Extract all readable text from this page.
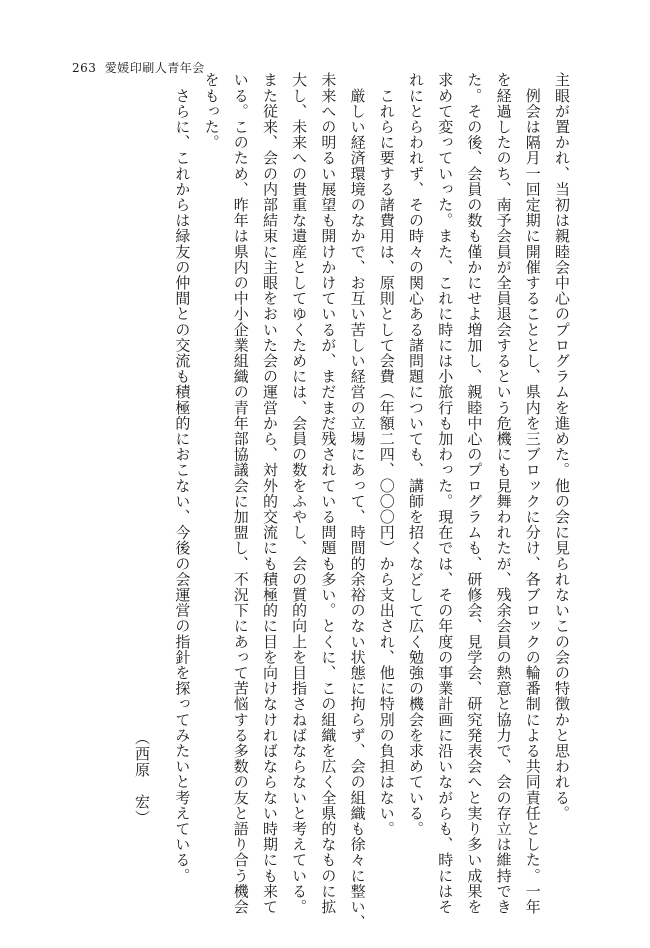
263 愛媛印刷人青年会
主眼が置かれ、当初は親睦会中心のプログラムを進めた。他の会に見られないこの会の特徴かと思われる。
　例会は隔月一回定期に開催することとし、県内を三ブロックに分け、各ブロックの輪番制による共同責任とした。一年
を経過したのち、南予会員が全員退会するという危機にも見舞われたが、残余会員の熱意と協力で、会の存立は維持でき
た。その後、会員の数も僅かにせよ増加し、親睦中心のプログラムも、研修会、見学会、研究発表会へと実り多い成果を
求めて変っていった。また、これに時には小旅行も加わった。現在では、その年度の事業計画に沿いながらも、時にはそ
れにとらわれず、その時々の関心ある諸問題についても、講師を招くなどして広く勉強の機会を求めている。
　これらに要する諸費用は、原則として会費（年額二四、〇〇〇円）から支出され、他に特別の負担はない。
　厳しい経済環境のなかで、お互い苦しい経営の立場にあって、時間的余裕のない状態に拘らず、会の組織も徐々に整い、
未来への明るい展望も開けかけているが、まだまだ残されている問題も多い。とくに、この組織を広く全県的なものに拡
大し、未来への貴重な遺産としてゆくためには、会員の数をふやし、会の質的向上を目指さねばならないと考えている。
また従来、会の内部結束に主眼をおいた会の運営から、対外的交流にも積極的に目を向けなければならない時期にも来て
いる。このため、昨年は県内の中小企業組織の青年部協議会に加盟し、不況下にあって苦悩する多数の友と語り合う機会
をもった。
　さらに、これからは緑友の仲間との交流も積極的におこない、今後の会運営の指針を探ってみたいと考えている。
（西原　宏）
